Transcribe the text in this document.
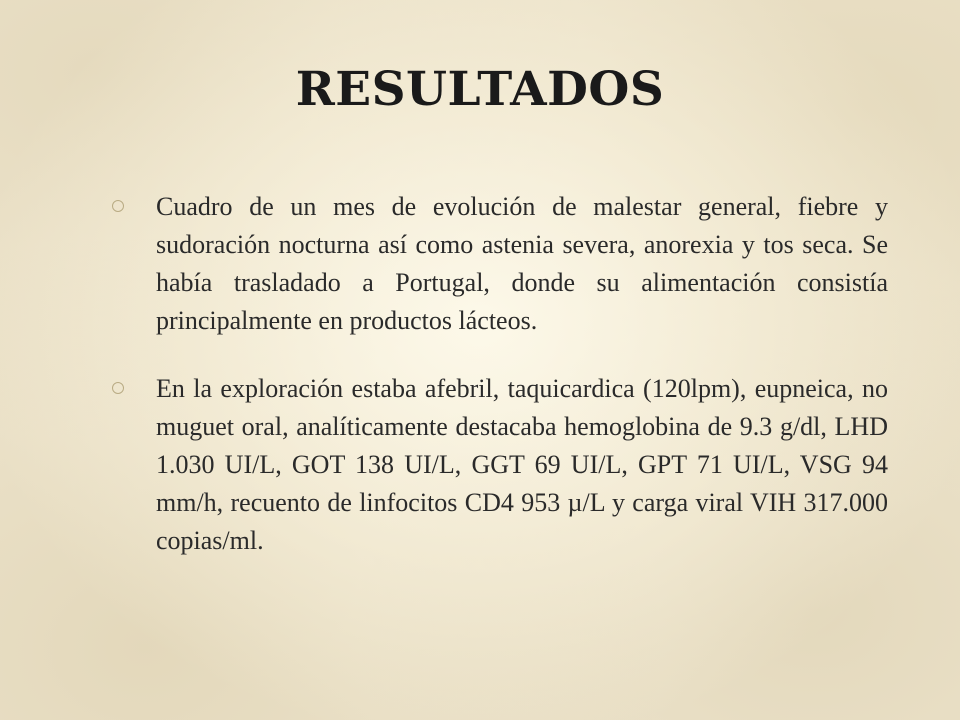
RESULTADOS
Cuadro de un mes de evolución de malestar general, fiebre y sudoración nocturna así como astenia severa, anorexia y tos seca. Se había trasladado a Portugal, donde su alimentación consistía principalmente en productos lácteos.
En la exploración estaba afebril, taquicardica (120lpm), eupneica, no muguet oral, analíticamente destacaba hemoglobina de 9.3 g/dl, LHD 1.030 UI/L, GOT 138 UI/L, GGT 69 UI/L, GPT 71 UI/L, VSG 94 mm/h, recuento de linfocitos CD4 953 µ/L y carga viral VIH 317.000 copias/ml.
